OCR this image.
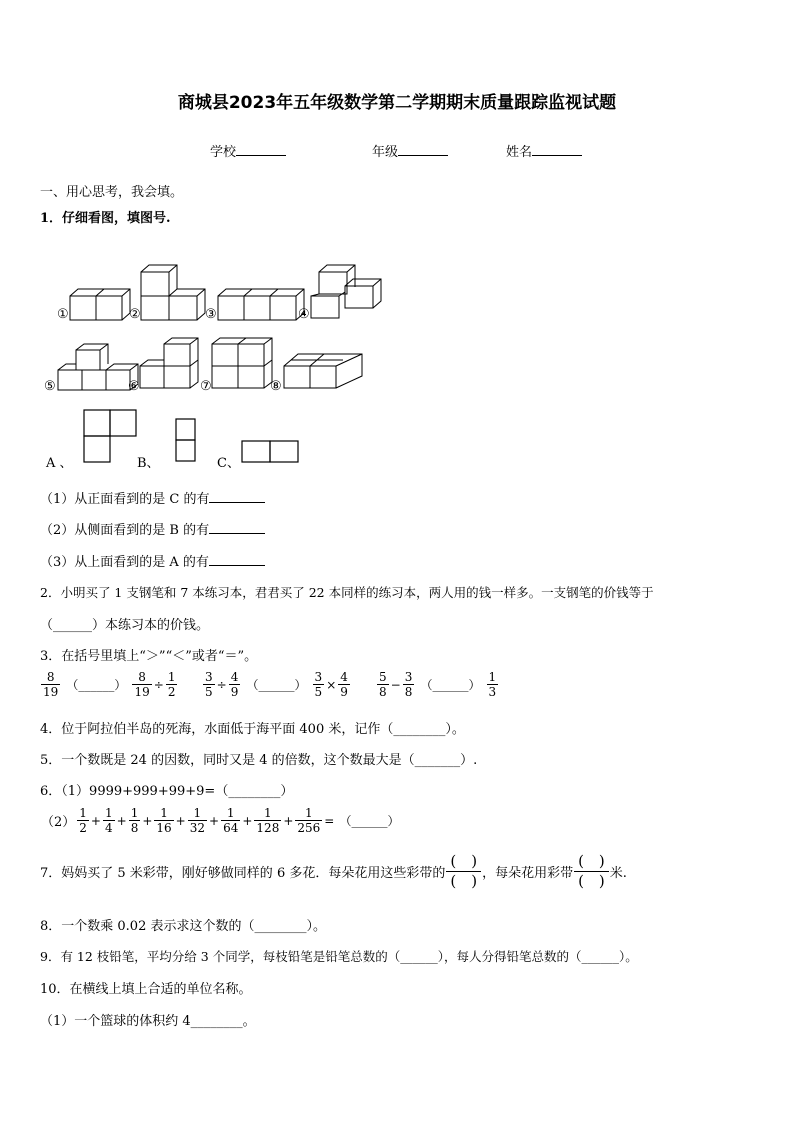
商城县2023年五年级数学第二学期期末质量跟踪监视试题
学校	年级	姓名
一、用心思考，我会填。
1．仔细看图，填图号.
①	②	③	④
⑤	⑥	⑦	⑧
A 、	B、	C、
（1）从正面看到的是 C 的有
（2）从侧面看到的是 B 的有
（3）从上面看到的是 A 的有
2．小明买了 1 支钢笔和 7 本练习本，君君买了 22 本同样的练习本，两人用的钱一样多。一支钢笔的价钱等于
（______）本练习本的价钱。
3．在括号里填上“＞”“＜”或者“＝”。
$\frac{8}{19}$ （______） $\frac{8}{19} \div \frac{1}{2} \frac{3}{5} \div \frac{4}{9}$ （______） $\frac{3}{5} \times \frac{4}{9} \frac{5}{8} - \frac{3}{8}$ （______） $\frac{1}{3}$
4．位于阿拉伯半岛的死海，水面低于海平面 400 米，记作（________）。
5．一个数既是 24 的因数，同时又是 4 的倍数，这个数最大是（_______）.
6．（1）9999+999+99+9=（________）
$(2) \frac{1}{2} + \frac{1}{4} + \frac{1}{8} + \frac{1}{16} + \frac{1}{32} + \frac{1}{64} + \frac{1}{128} + \frac{1}{256}$ = （______）
7．妈妈买了 5 米彩带，刚好够做同样的 6 多花．每朵花用这些彩带的 $\frac{( )}{( )}$ ，每朵花用彩带 $\frac{( )}{( )}$ 米.
8．一个数乘 0.02 表示求这个数的（________）。
9．有 12 枝铅笔，平均分给 3 个同学，每枝铅笔是铅笔总数的（______），每人分得铅笔总数的（______）。
10．在横线上填上合适的单位名称。
（1）一个篮球的体积约 4________。
